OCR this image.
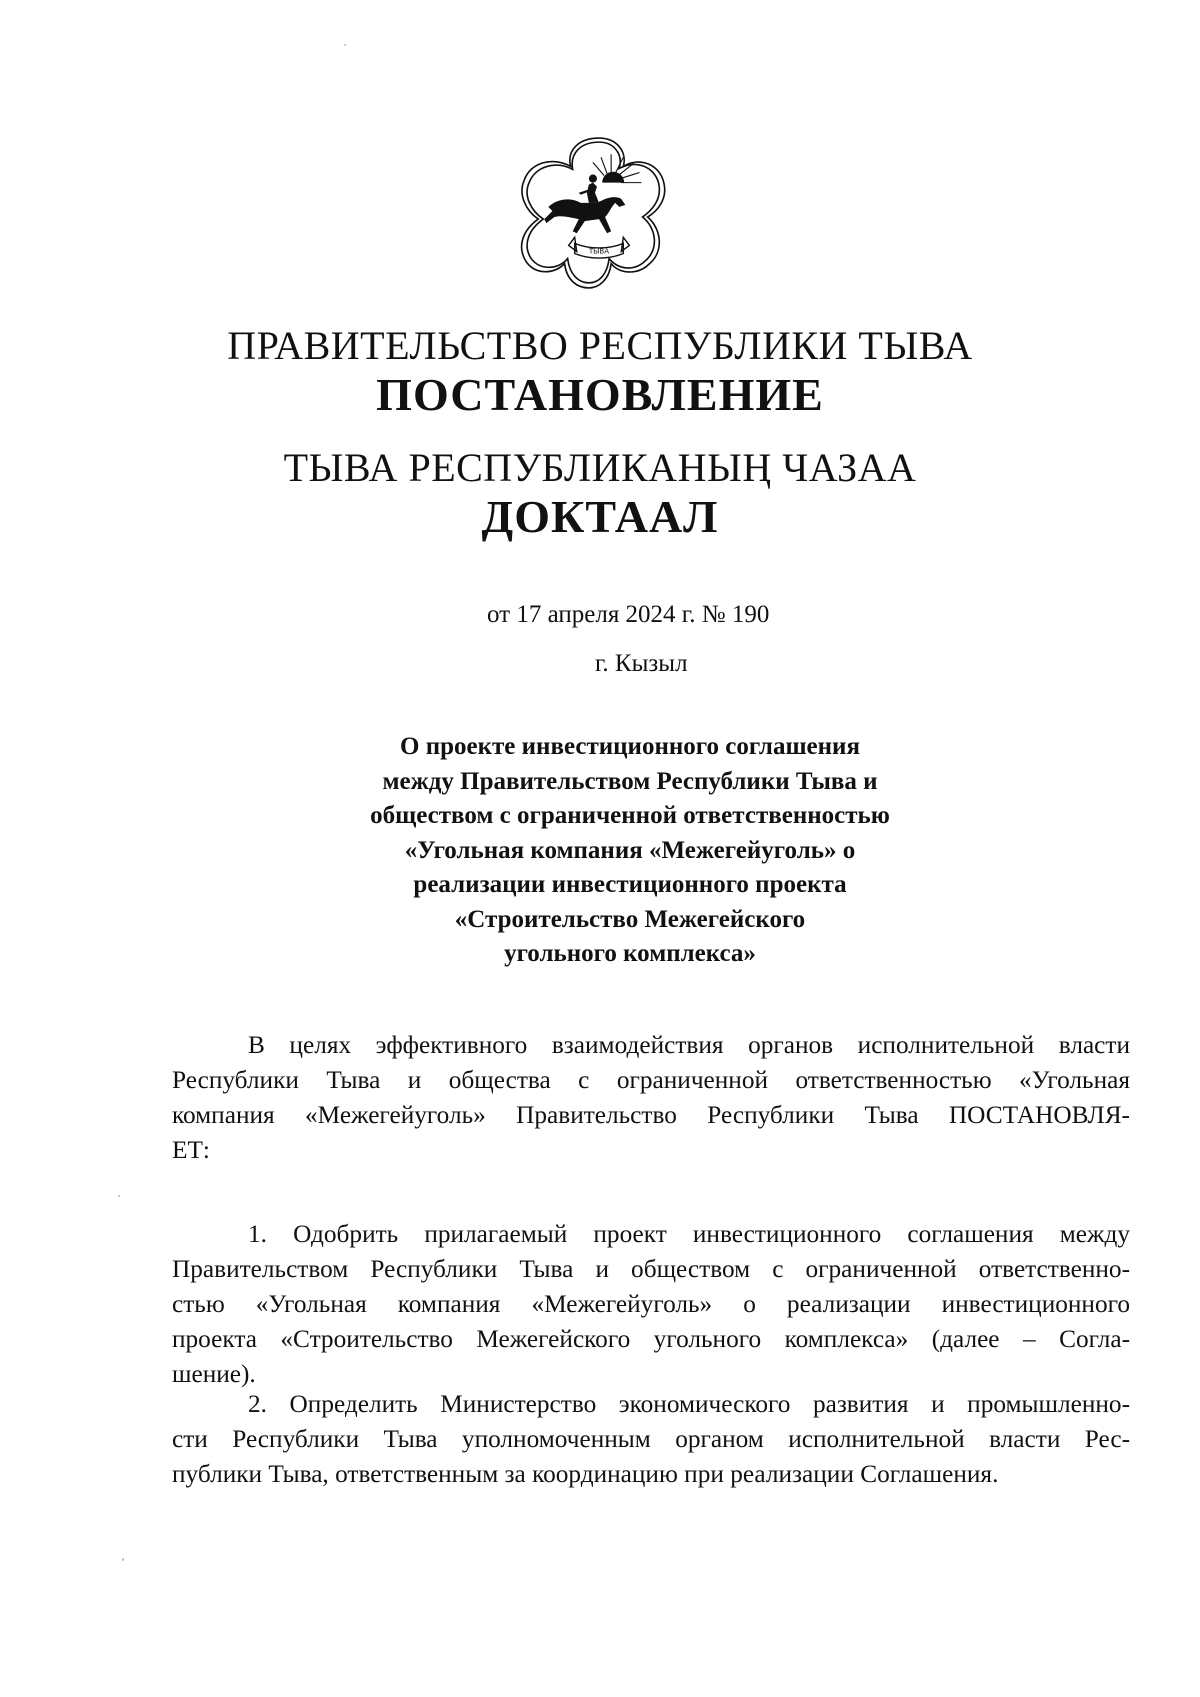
ТЫВА
ПРАВИТЕЛЬСТВО РЕСПУБЛИКИ ТЫВА
ПОСТАНОВЛЕНИЕ
ТЫВА РЕСПУБЛИКАНЫҢ ЧАЗАА
ДОКТААЛ
от 17 апреля 2024 г. № 190
г. Кызыл
О проекте инвестиционного соглашения
между Правительством Республики Тыва и
обществом с ограниченной ответственностью
«Угольная компания «Межегейуголь» о
реализации инвестиционного проекта
«Строительство Межегейского
угольного комплекса»
В целях эффективного взаимодействия органов исполнительной власти
Республики Тыва и общества с ограниченной ответственностью «Угольная
компания «Межегейуголь» Правительство Республики Тыва ПОСТАНОВЛЯ-
ЕТ:
1. Одобрить прилагаемый проект инвестиционного соглашения между
Правительством Республики Тыва и обществом с ограниченной ответственно-
стью «Угольная компания «Межегейуголь» о реализации инвестиционного
проекта «Строительство Межегейского угольного комплекса» (далее – Согла-
шение).
2. Определить Министерство экономического развития и промышленно-
сти Республики Тыва уполномоченным органом исполнительной власти Рес-
публики Тыва, ответственным за координацию при реализации Соглашения.
